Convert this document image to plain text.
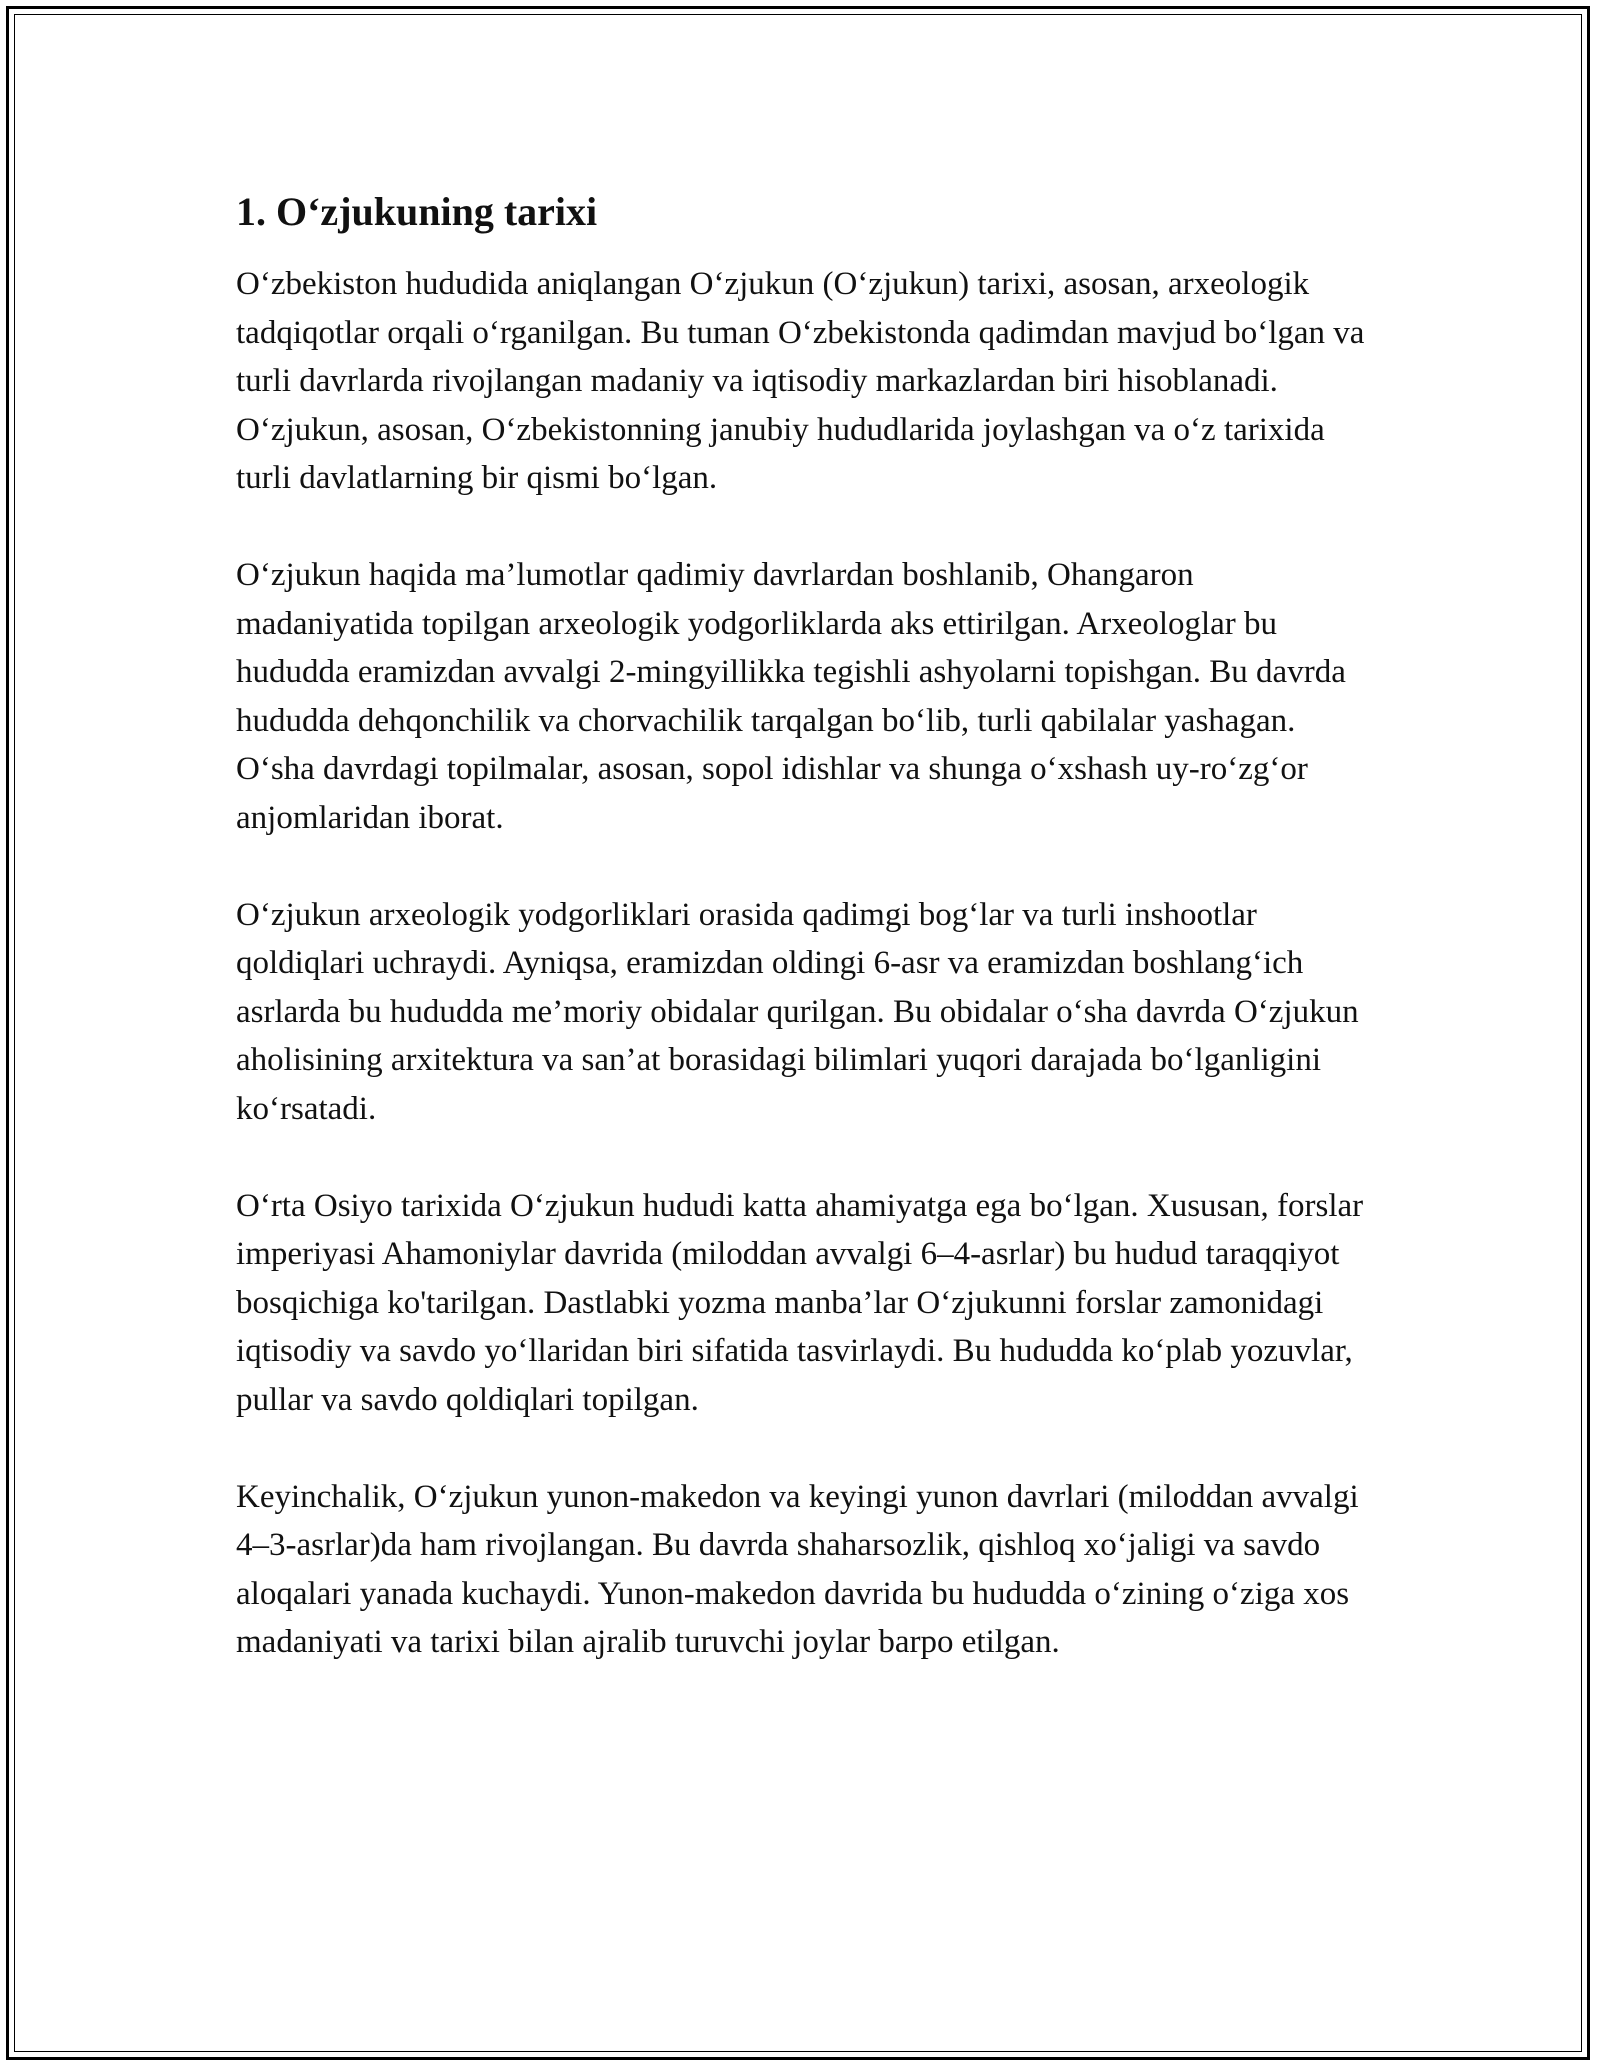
1. O‘zjukuning tarixi

O‘zbekiston hududida aniqlangan O‘zjukun (O‘zjukun) tarixi, asosan, arxeologik tadqiqotlar orqali o‘rganilgan. Bu tuman O‘zbekistonda qadimdan mavjud bo‘lgan va turli davrlarda rivojlangan madaniy va iqtisodiy markazlardan biri hisoblanadi. O‘zjukun, asosan, O‘zbekistonning janubiy hududlarida joylashgan va o‘z tarixida turli davlatlarning bir qismi bo‘lgan.

O‘zjukun haqida ma’lumotlar qadimiy davrlardan boshlanib, Ohangaron madaniyatida topilgan arxeologik yodgorliklarda aks ettirilgan. Arxeologlar bu hududda eramizdan avvalgi 2-mingyillikka tegishli ashyolarni topishgan. Bu davrda hududda dehqonchilik va chorvachilik tarqalgan bo‘lib, turli qabilalar yashagan. O‘sha davrdagi topilmalar, asosan, sopol idishlar va shunga o‘xshash uy-ro‘zg‘or anjomlaridan iborat.

O‘zjukun arxeologik yodgorliklari orasida qadimgi bog‘lar va turli inshootlar qoldiqlari uchraydi. Ayniqsa, eramizdan oldingi 6-asr va eramizdan boshlang‘ich asrlarda bu hududda me’moriy obidalar qurilgan. Bu obidalar o‘sha davrda O‘zjukun aholisining arxitektura va san’at borasidagi bilimlari yuqori darajada bo‘lganligini ko‘rsatadi.

O‘rta Osiyo tarixida O‘zjukun hududi katta ahamiyatga ega bo‘lgan. Xususan, forslar imperiyasi Ahamoniylar davrida (miloddan avvalgi 6–4-asrlar) bu hudud taraqqiyot bosqichiga ko'tarilgan. Dastlabki yozma manba’lar O‘zjukunni forslar zamonidagi iqtisodiy va savdo yo‘llaridan biri sifatida tasvirlaydi. Bu hududda ko‘plab yozuvlar, pullar va savdo qoldiqlari topilgan.

Keyinchalik, O‘zjukun yunon-makedon va keyingi yunon davrlari (miloddan avvalgi 4–3-asrlar)da ham rivojlangan. Bu davrda shaharsozlik, qishloq xo‘jaligi va savdo aloqalari yanada kuchaydi. Yunon-makedon davrida bu hududda o‘zining o‘ziga xos madaniyati va tarixi bilan ajralib turuvchi joylar barpo etilgan.
